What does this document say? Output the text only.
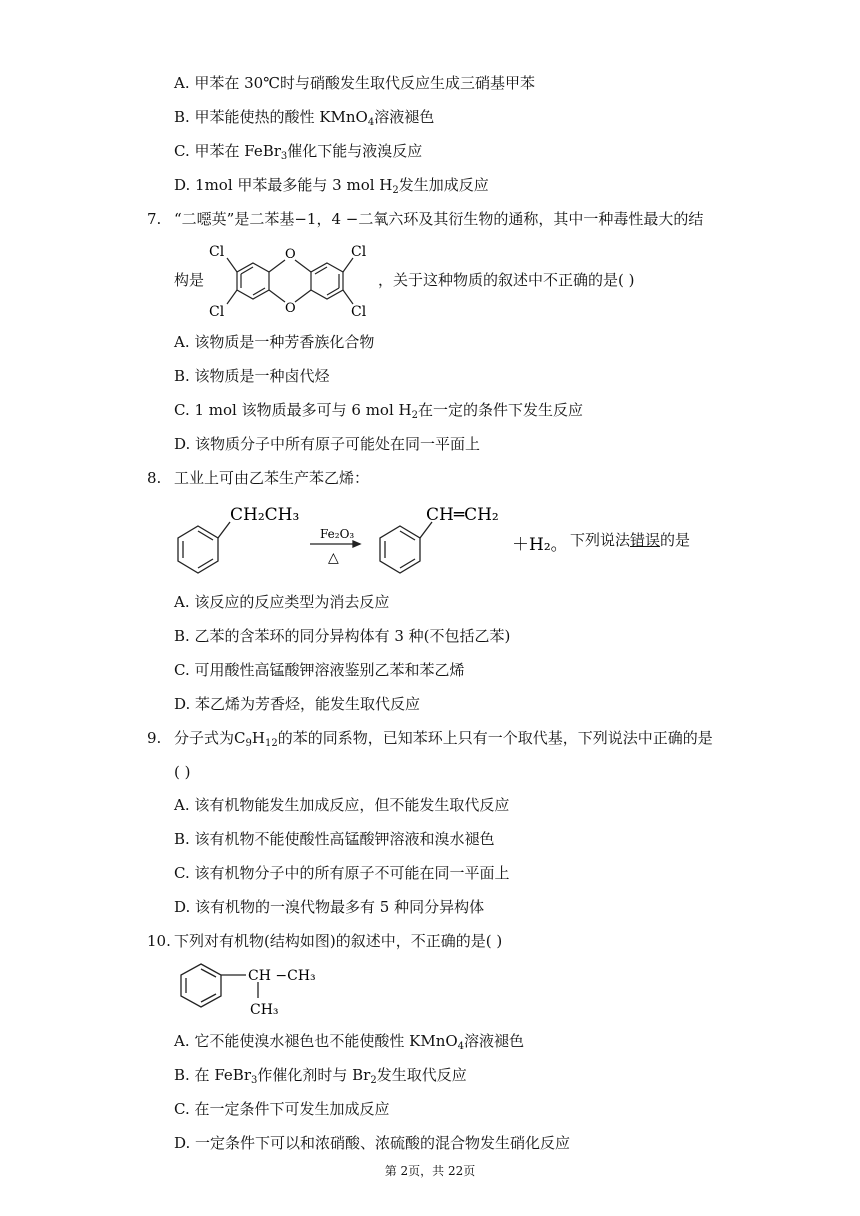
A. 甲苯在 30℃时与硝酸发生取代反应生成三硝基甲苯
B. 甲苯能使热的酸性 KMnO$_4$溶液褪色
C. 甲苯在 FeBr$_3$催化下能与液溴反应
D. 1mol 甲苯最多能与 3 mol $H_2$发生加成反应
7. “二噁英”是二苯基−1，4 −二氧六环及其衍生物的通称，其中一种毒性最大的结
构是
Cl
Cl
Cl
Cl
O
O
，关于这种物质的叙述中不正确的是( )
A. 该物质是一种芳香族化合物
B. 该物质是一种卤代烃
C. 1 mol 该物质最多可与 6 mol $H_2$在一定的条件下发生反应
D. 该物质分子中所有原子可能处在同一平面上
8. 工业上可由乙苯生产苯乙烯：
CH₂CH₃
Fe₂O₃
△
CH═CH₂
＋H₂。 下列说法错误的是
A. 该反应的反应类型为消去反应
B. 乙苯的含苯环的同分异构体有 3 种(不包括乙苯)
C. 可用酸性高锰酸钾溶液鉴别乙苯和苯乙烯
D. 苯乙烯为芳香烃，能发生取代反应
9. 分子式为$C_9H_{12}$的苯的同系物，已知苯环上只有一个取代基，下列说法中正确的是
( )
A. 该有机物能发生加成反应，但不能发生取代反应
B. 该有机物不能使酸性高锰酸钾溶液和溴水褪色
C. 该有机物分子中的所有原子不可能在同一平面上
D. 该有机物的一溴代物最多有 5 种同分异构体
10. 下列对有机物(结构如图)的叙述中，不正确的是( )
CH −CH₃
CH₃
A. 它不能使溴水褪色也不能使酸性 KMnO$_4$溶液褪色
B. 在 FeBr$_3$作催化剂时与 $Br_2$发生取代反应
C. 在一定条件下可发生加成反应
D. 一定条件下可以和浓硝酸、浓硫酸的混合物发生硝化反应
第 2页，共 22页
